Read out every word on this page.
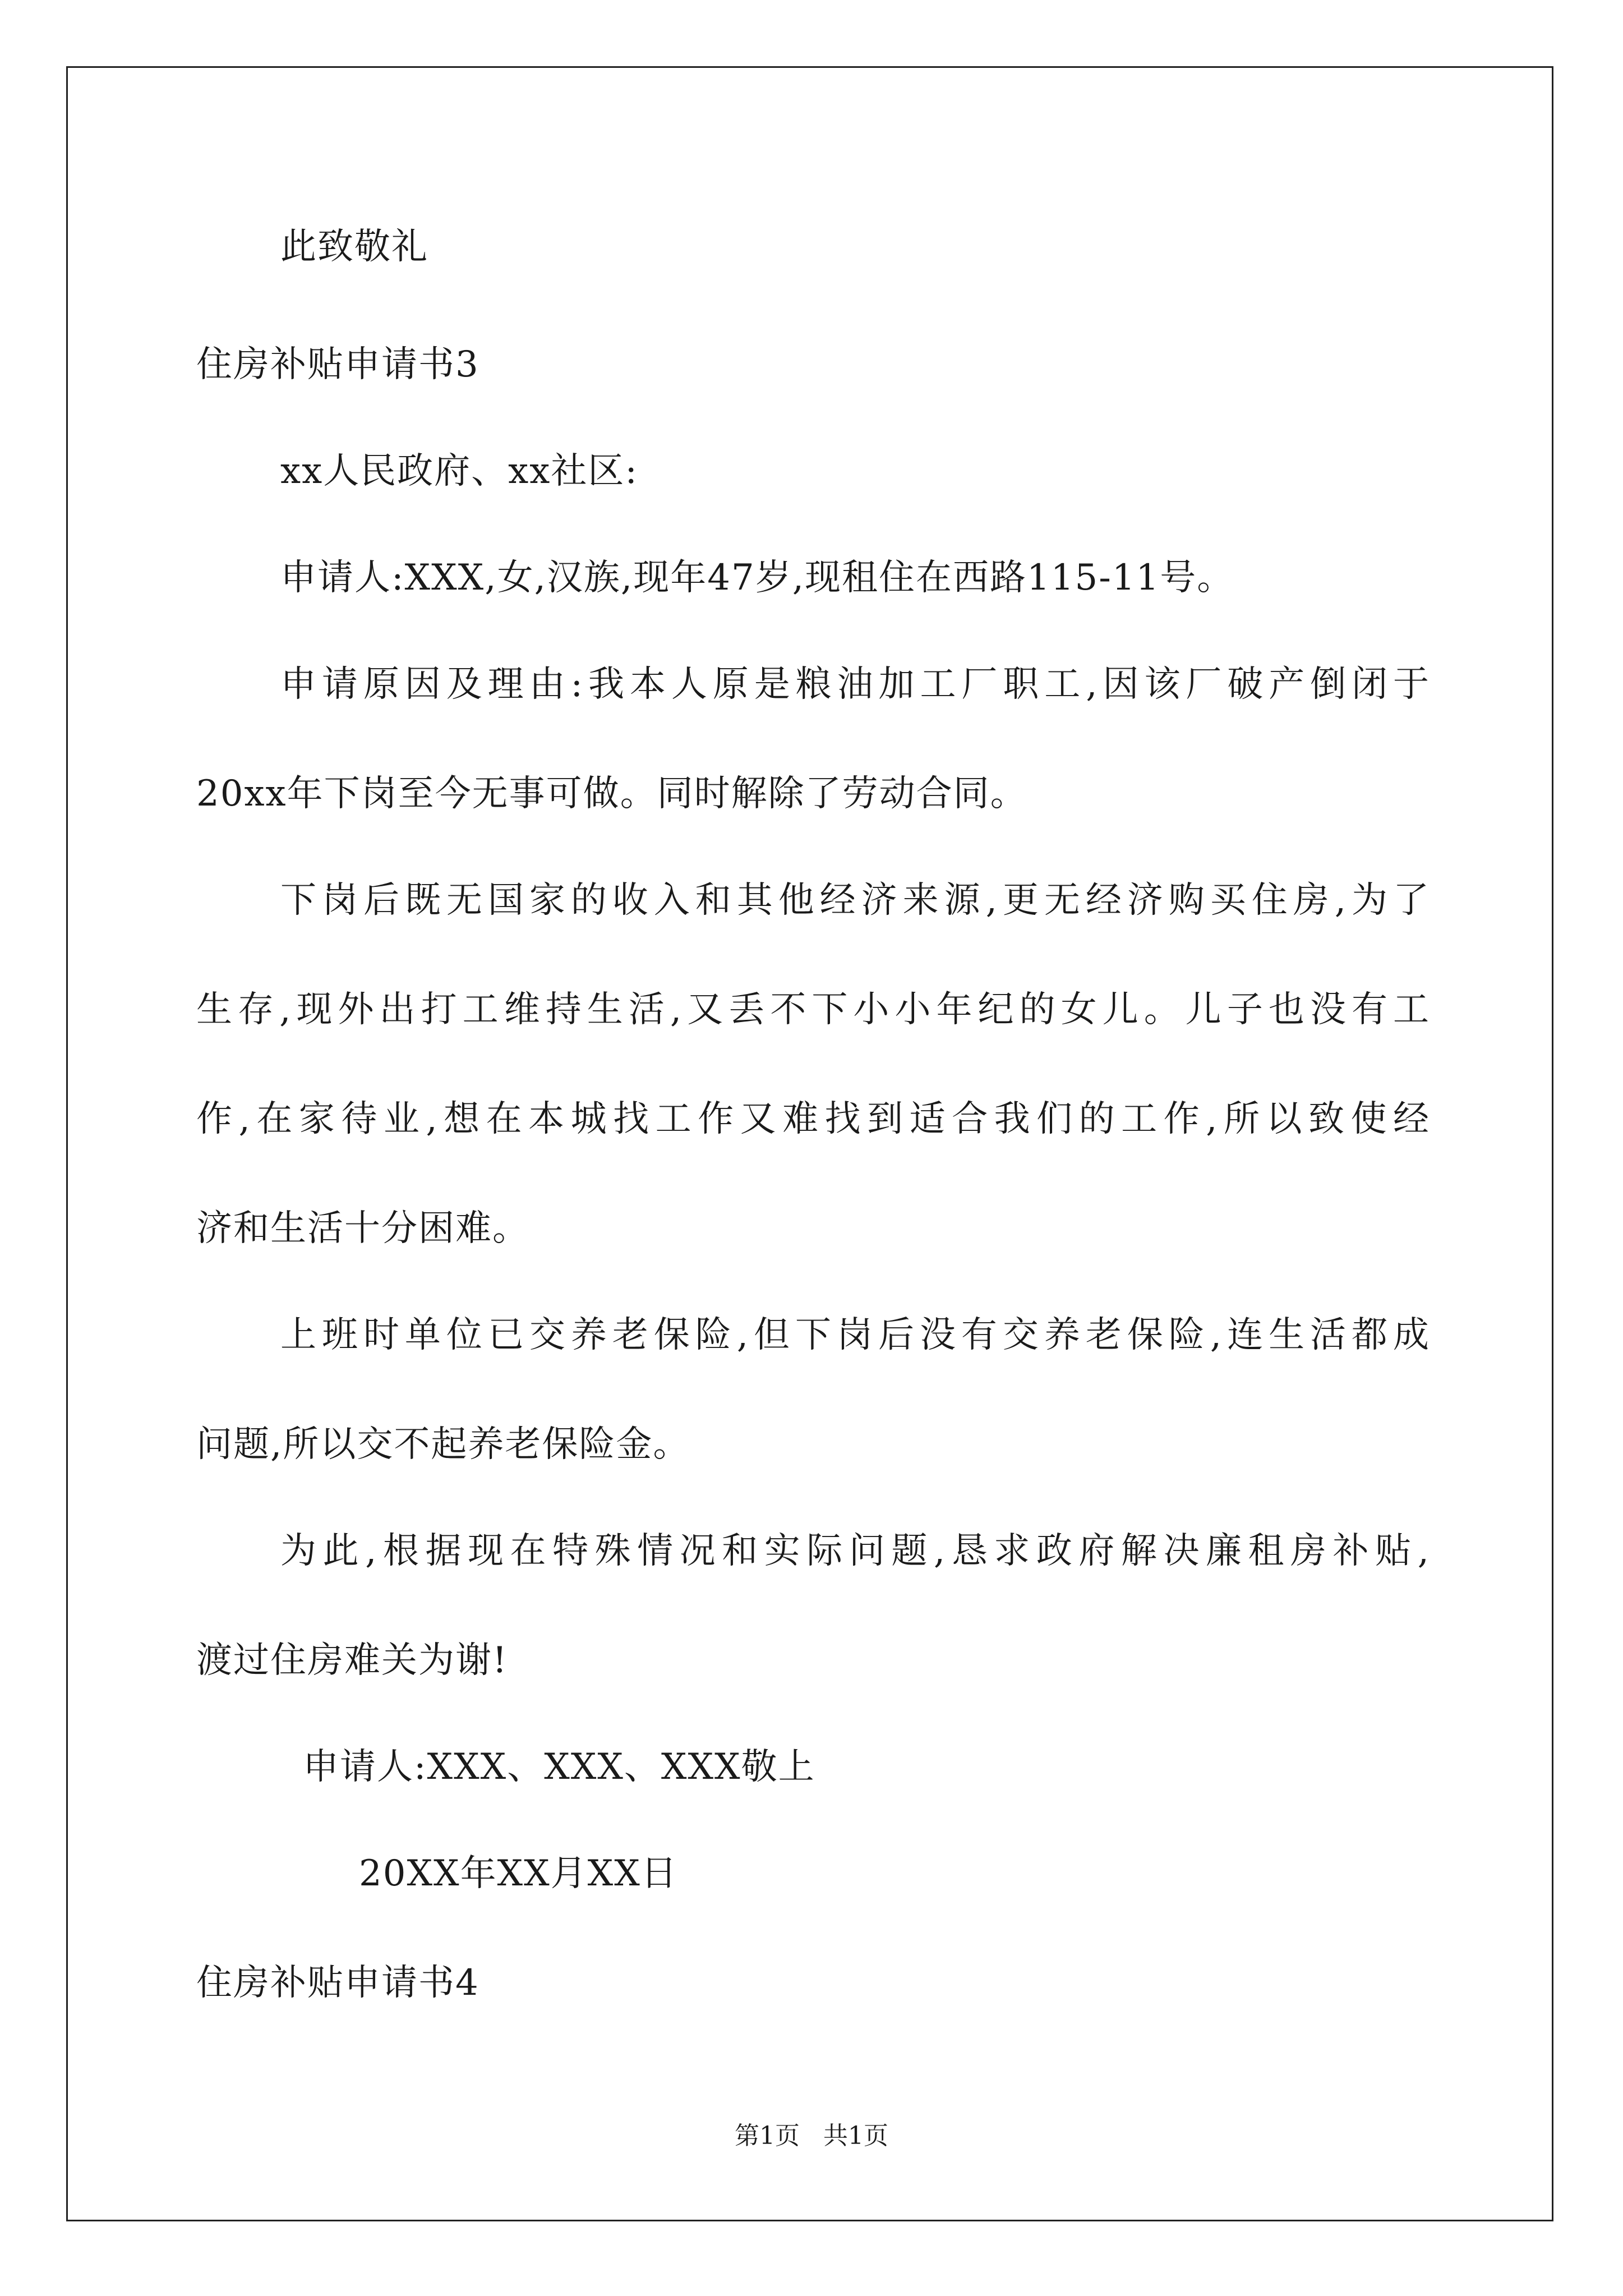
此致敬礼
住房补贴申请书3
xx人民政府、xx社区:
申请人:XXX,女,汉族,现年47岁,现租住在西路115-11号。
申请原因及理由:我本人原是粮油加工厂职工,因该厂破产倒闭于
20xx年下岗至今无事可做。同时解除了劳动合同。
下岗后既无国家的收入和其他经济来源,更无经济购买住房,为了
生存,现外出打工维持生活,又丢不下小小年纪的女儿。儿子也没有工
作,在家待业,想在本城找工作又难找到适合我们的工作,所以致使经
济和生活十分困难。
上班时单位已交养老保险,但下岗后没有交养老保险,连生活都成
问题,所以交不起养老保险金。
为此,根据现在特殊情况和实际问题,恳求政府解决廉租房补贴,
渡过住房难关为谢!
申请人:XXX、XXX、XXX敬上
20XX年XX月XX日
住房补贴申请书4
第1页 共1页
